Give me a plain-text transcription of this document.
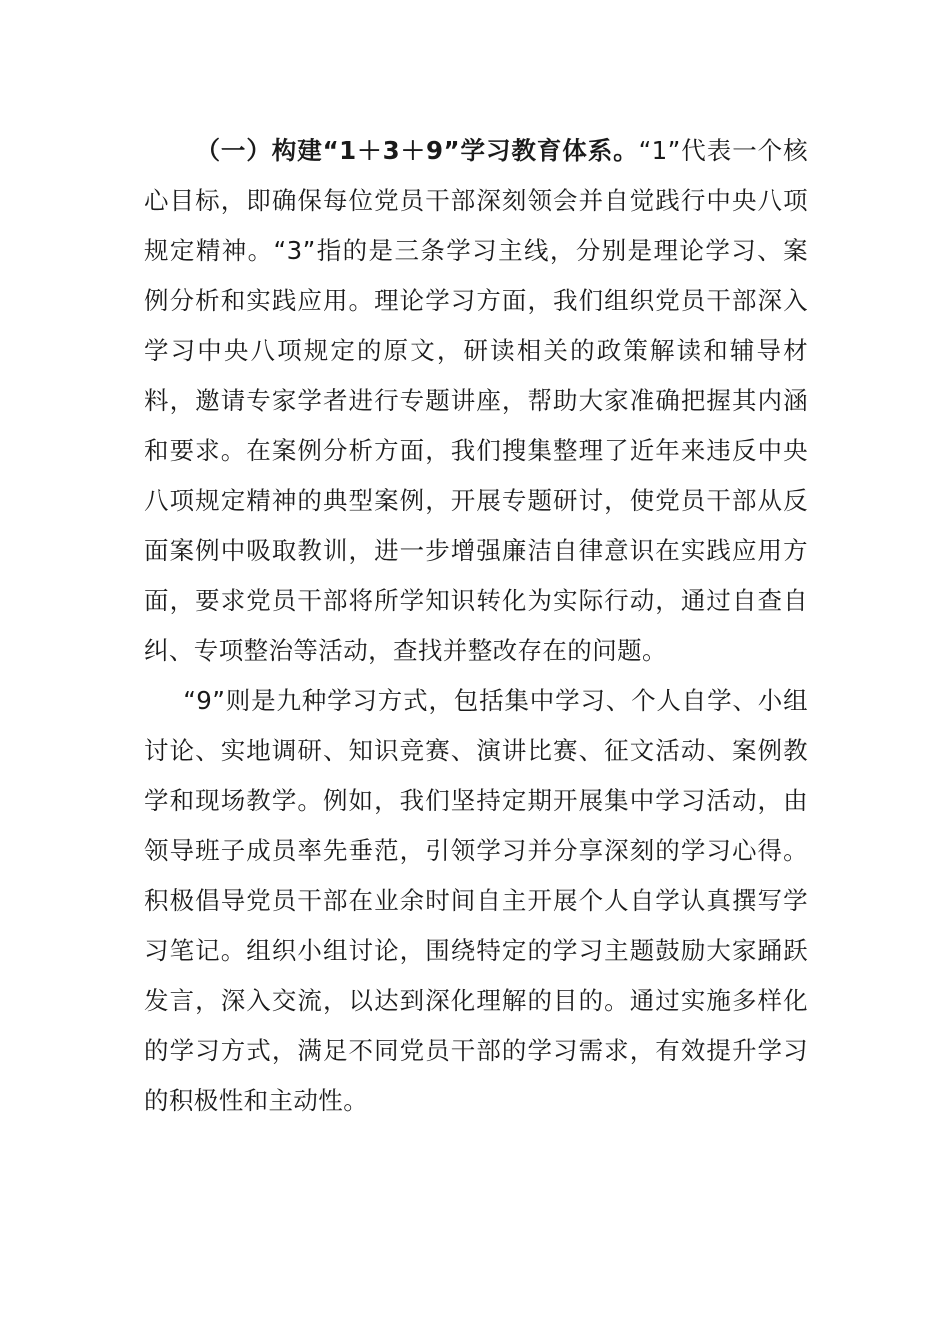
（一）构建“1＋3＋9”学习教育体系。“1”代表一个核心目标，即确保每位党员干部深刻领会并自觉践行中央八项规定精神。“3”指的是三条学习主线，分别是理论学习、案例分析和实践应用。理论学习方面，我们组织党员干部深入学习中央八项规定的原文，研读相关的政策解读和辅导材料，邀请专家学者进行专题讲座，帮助大家准确把握其内涵和要求。在案例分析方面，我们搜集整理了近年来违反中央八项规定精神的典型案例，开展专题研讨，使党员干部从反面案例中吸取教训，进一步增强廉洁自律意识在实践应用方面，要求党员干部将所学知识转化为实际行动，通过自查自纠、专项整治等活动，查找并整改存在的问题。

“9”则是九种学习方式，包括集中学习、个人自学、小组讨论、实地调研、知识竞赛、演讲比赛、征文活动、案例教学和现场教学。例如，我们坚持定期开展集中学习活动，由领导班子成员率先垂范，引领学习并分享深刻的学习心得。积极倡导党员干部在业余时间自主开展个人自学认真撰写学习笔记。组织小组讨论，围绕特定的学习主题鼓励大家踊跃发言，深入交流，以达到深化理解的目的。通过实施多样化的学习方式，满足不同党员干部的学习需求，有效提升学习的积极性和主动性。
